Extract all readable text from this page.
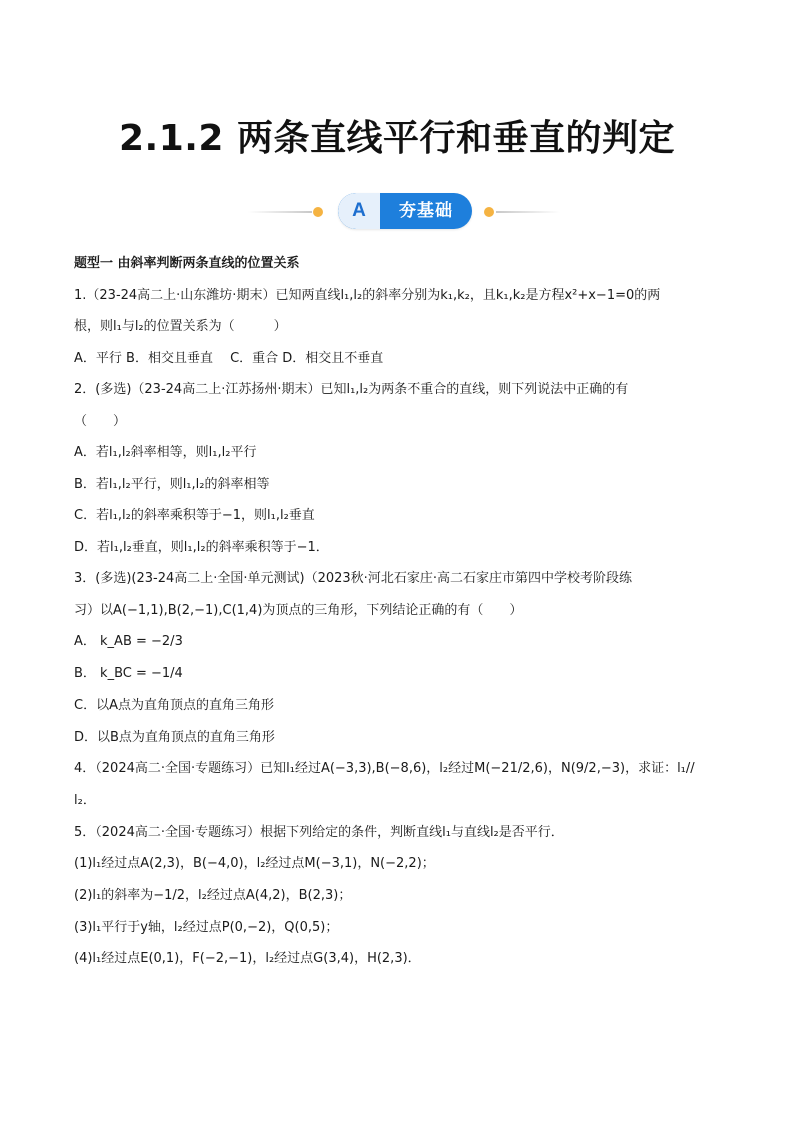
2.1.2 两条直线平行和垂直的判定
A	夯基础
题型一 由斜率判断两条直线的位置关系
1.（23-24高二上·山东潍坊·期末）已知两直线l₁,l₂的斜率分别为k₁,k₂，且k₁,k₂是方程x²+x−1=0的两
根，则l₁与l₂的位置关系为（　　　）
A．平行 B．相交且垂直　 C．重合 D．相交且不垂直
2．(多选)（23-24高二上·江苏扬州·期末）已知l₁,l₂为两条不重合的直线，则下列说法中正确的有
（　　）
A．若l₁,l₂斜率相等，则l₁,l₂平行
B．若l₁,l₂平行，则l₁,l₂的斜率相等
C．若l₁,l₂的斜率乘积等于−1，则l₁,l₂垂直
D．若l₁,l₂垂直，则l₁,l₂的斜率乘积等于−1．
3．(多选)(23-24高二上·全国·单元测试)（2023秋·河北石家庄·高二石家庄市第四中学校考阶段练
习）以A(−1,1),B(2,−1),C(1,4)为顶点的三角形，下列结论正确的有（　　）
A． k_AB = −2/3
B． k_BC = −1/4
C．以A点为直角顶点的直角三角形
D．以B点为直角顶点的直角三角形
4．（2024高二·全国·专题练习）已知l₁经过A(−3,3),B(−8,6)，l₂经过M(−21/2,6)，N(9/2,−3)，求证：l₁//
l₂．
5．（2024高二·全国·专题练习）根据下列给定的条件，判断直线l₁与直线l₂是否平行．
(1)l₁经过点A(2,3)，B(−4,0)，l₂经过点M(−3,1)，N(−2,2)；
(2)l₁的斜率为−1/2，l₂经过点A(4,2)，B(2,3)；
(3)l₁平行于y轴，l₂经过点P(0,−2)，Q(0,5)；
(4)l₁经过点E(0,1)，F(−2,−1)，l₂经过点G(3,4)，H(2,3)．
